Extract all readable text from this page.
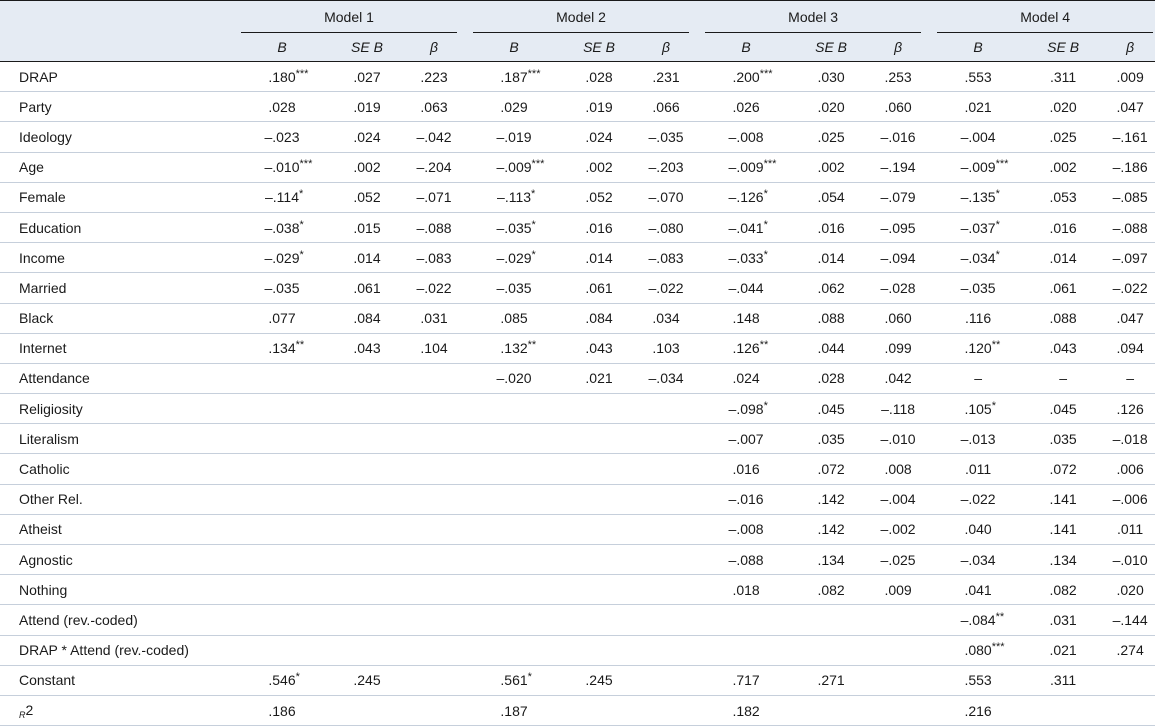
	Model 1			Model 2			Model 3			Model 4		

	B	SE B	β	B	SE B	β	B	SE B	β	B	SE B	β
DRAP	.180 ***	.027	.223	.187 ***	.028	.231	.200 ***	.030	.253	.553	.311	.009

Party	.028	.019	.063	.029	.019	.066	.026	.020	.060	.021	.020	.047

Ideology	–.023	.024	–.042	–.019	.024	–.035	–.008	.025	–.016	–.004	.025	–.161

Age	–.010 ***	.002	–.204	–.009 ***	.002	–.203	–.009 ***	.002	–.194	–.009 ***	.002	–.186

Female	–.114 *	.052	–.071	–.113 *	.052	–.070	–.126 *	.054	–.079	–.135 *	.053	–.085

Education	–.038 *	.015	–.088	–.035 *	.016	–.080	–.041 *	.016	–.095	–.037 *	.016	–.088

Income	–.029 *	.014	–.083	–.029 *	.014	–.083	–.033 *	.014	–.094	–.034 *	.014	–.097

Married	–.035	.061	–.022	–.035	.061	–.022	–.044	.062	–.028	–.035	.061	–.022

Black	.077	.084	.031	.085	.084	.034	.148	.088	.060	.116	.088	.047

Internet	.134 **	.043	.104	.132 **	.043	.103	.126 **	.044	.099	.120 **	.043	.094

Attendance				–.020	.021	–.034	.024	.028	.042	–	–	–

Religiosity							–.098 *	.045	–.118	.105 *	.045	.126

Literalism							–.007	.035	–.010	–.013	.035	–.018

Catholic							.016	.072	.008	.011	.072	.006

Other Rel.							–.016	.142	–.004	–.022	.141	–.006

Atheist							–.008	.142	–.002	.040	.141	.011

Agnostic							–.088	.134	–.025	–.034	.134	–.010

Nothing							.018	.082	.009	.041	.082	.020

Attend (rev.-coded)										–.084 **	.031	–.144

DRAP * Attend (rev.-coded)										.080 ***	.021	.274

Constant	.546 *	.245		.561 *	.245		.717	.271		.553	.311

$_R$2	.186			.187			.182			.216		
